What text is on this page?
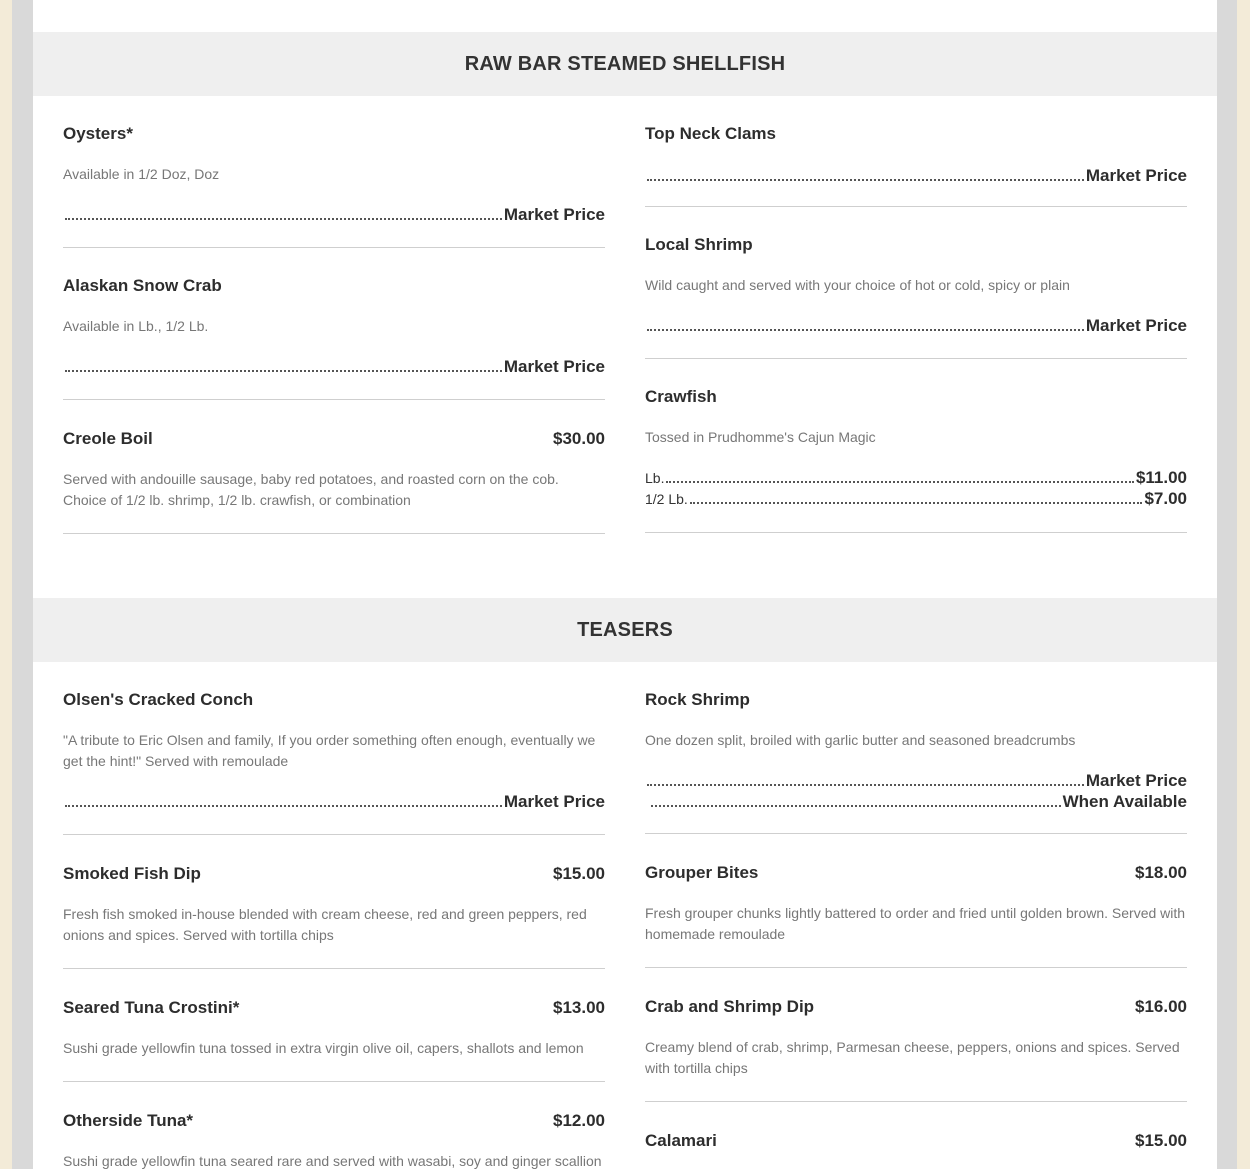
RAW BAR STEAMED SHELLFISH
Oysters*
Available in 1/2 Doz, Doz
Market Price
Top Neck Clams
Market Price
Local Shrimp
Wild caught and served with your choice of hot or cold, spicy or plain
Market Price
Alaskan Snow Crab
Available in Lb., 1/2 Lb.
Market Price
Crawfish
Tossed in Prudhomme's Cajun Magic
Lb.	$11.00
1/2 Lb.	$7.00
Creole Boil	$30.00
Served with andouille sausage, baby red potatoes, and roasted corn on the cob. Choice of 1/2 lb. shrimp, 1/2 lb. crawfish, or combination
TEASERS
Olsen's Cracked Conch
"A tribute to Eric Olsen and family, If you order something often enough, eventually we get the hint!" Served with remoulade
Market Price
Rock Shrimp
One dozen split, broiled with garlic butter and seasoned breadcrumbs
Market Price
When Available
Smoked Fish Dip	$15.00
Fresh fish smoked in-house blended with cream cheese, red and green peppers, red onions and spices. Served with tortilla chips
Grouper Bites	$18.00
Fresh grouper chunks lightly battered to order and fried until golden brown. Served with homemade remoulade
Seared Tuna Crostini*	$13.00
Sushi grade yellowfin tuna tossed in extra virgin olive oil, capers, shallots and lemon
Crab and Shrimp Dip	$16.00
Creamy blend of crab, shrimp, Parmesan cheese, peppers, onions and spices. Served with tortilla chips
Otherside Tuna*	$12.00
Sushi grade yellowfin tuna seared rare and served with wasabi, soy and ginger scallion
Calamari	$15.00
